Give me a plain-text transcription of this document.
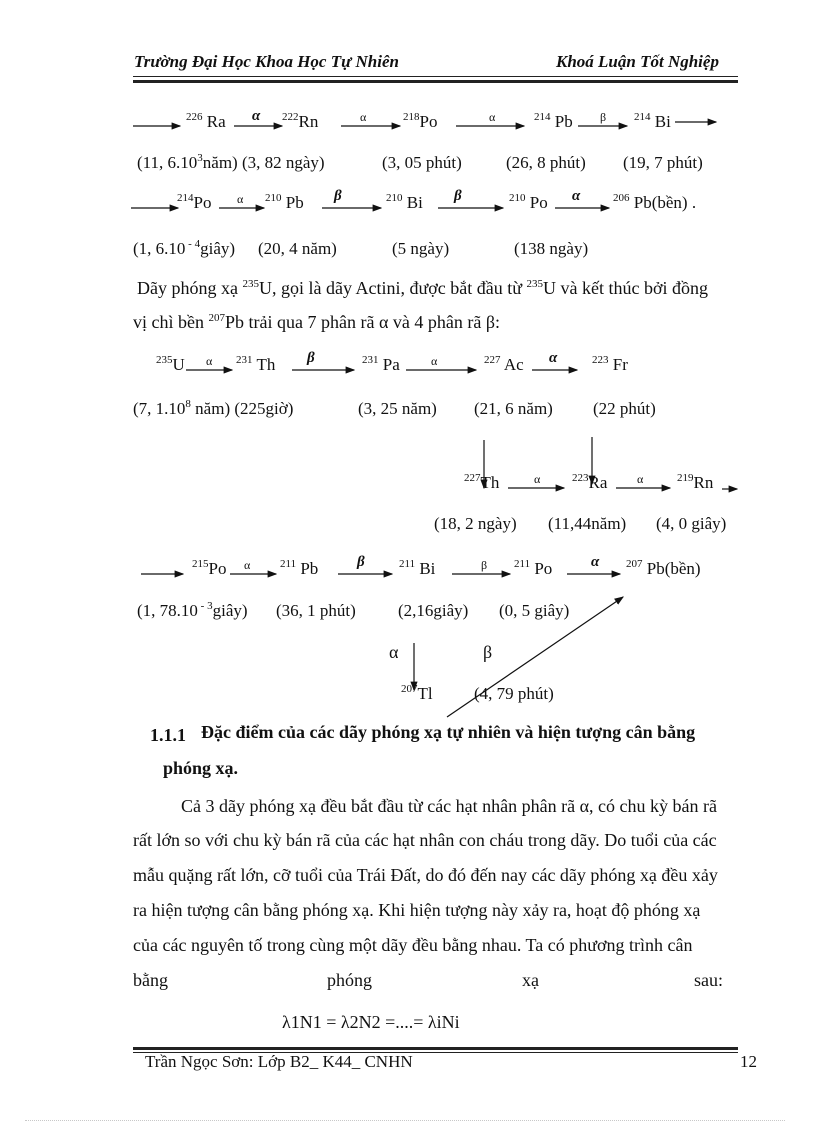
Trường Đại Học Khoa Học Tự Nhiên	Khoá Luận Tốt Nghiệp
$^{226}$ Ra	$^{222}$Rn	$^{218}$Po	$^{214}$ Pb	$^{214}$ Bi
α	α	α	β
(11, 6.10$^3$năm) (3, 82 ngày)	(3, 05 phút)	(26, 8 phút) (19, 7 phút)
$^{214}$Po	$^{210}$ Pb	$^{210}$ Bi	$^{210}$ Po	$^{206}$ Pb(bền) .
α	β	β	α
(1, 6.10 $^{- 4}$giây) (20, 4 năm)	(5 ngày)	(138 ngày)
Dãy phóng xạ $^{235}$U, gọi là dãy Actini, được bắt đầu từ $^{235}$U và kết thúc bởi đồng
vị chì bền $^{207}$Pb trải qua 7 phân rã α và 4 phân rã β:
$^{235}$U	$^{231}$ Th	$^{231}$ Pa	$^{227}$ Ac	$^{223}$ Fr
α	β	α	α
(7, 1.10$^8$ năm) (225giờ)	(3, 25 năm) (21, 6 năm) (22 phút)
$^{227}$Th	$^{223}$Ra	$^{219}$Rn
α	α
(18, 2 ngày) (11,44năm) (4, 0 giây)
$^{215}$Po	$^{211}$ Pb	$^{211}$ Bi	$^{211}$ Po	$^{207}$ Pb(bền)
α	β	β	α
(1, 78.10 $^{- 3}$giây) (36, 1 phút) (2,16giây) (0, 5 giây)
α	β
$^{207}$Tl (4, 79 phút)
1.1.1 Đặc điểm của các dãy phóng xạ tự nhiên và hiện tượng cân bằng
phóng xạ.
Cả 3 dãy phóng xạ đều bắt đầu từ các hạt nhân phân rã α, có chu kỳ bán rã
rất lớn so với chu kỳ bán rã của các hạt nhân con cháu trong dãy. Do tuổi của các
mẫu quặng rất lớn, cỡ tuổi của Trái Đất, do đó đến nay các dãy phóng xạ đều xảy
ra hiện tượng cân bằng phóng xạ. Khi hiện tượng này xảy ra, hoạt độ phóng xạ
của các nguyên tố trong cùng một dãy đều bằng nhau. Ta có phương trình cân
bằng	phóng	xạ	sau:
λ1N1 = λ2N2 =....= λiNi
Trần Ngọc Sơn: Lớp B2_ K44_ CNHN	12
